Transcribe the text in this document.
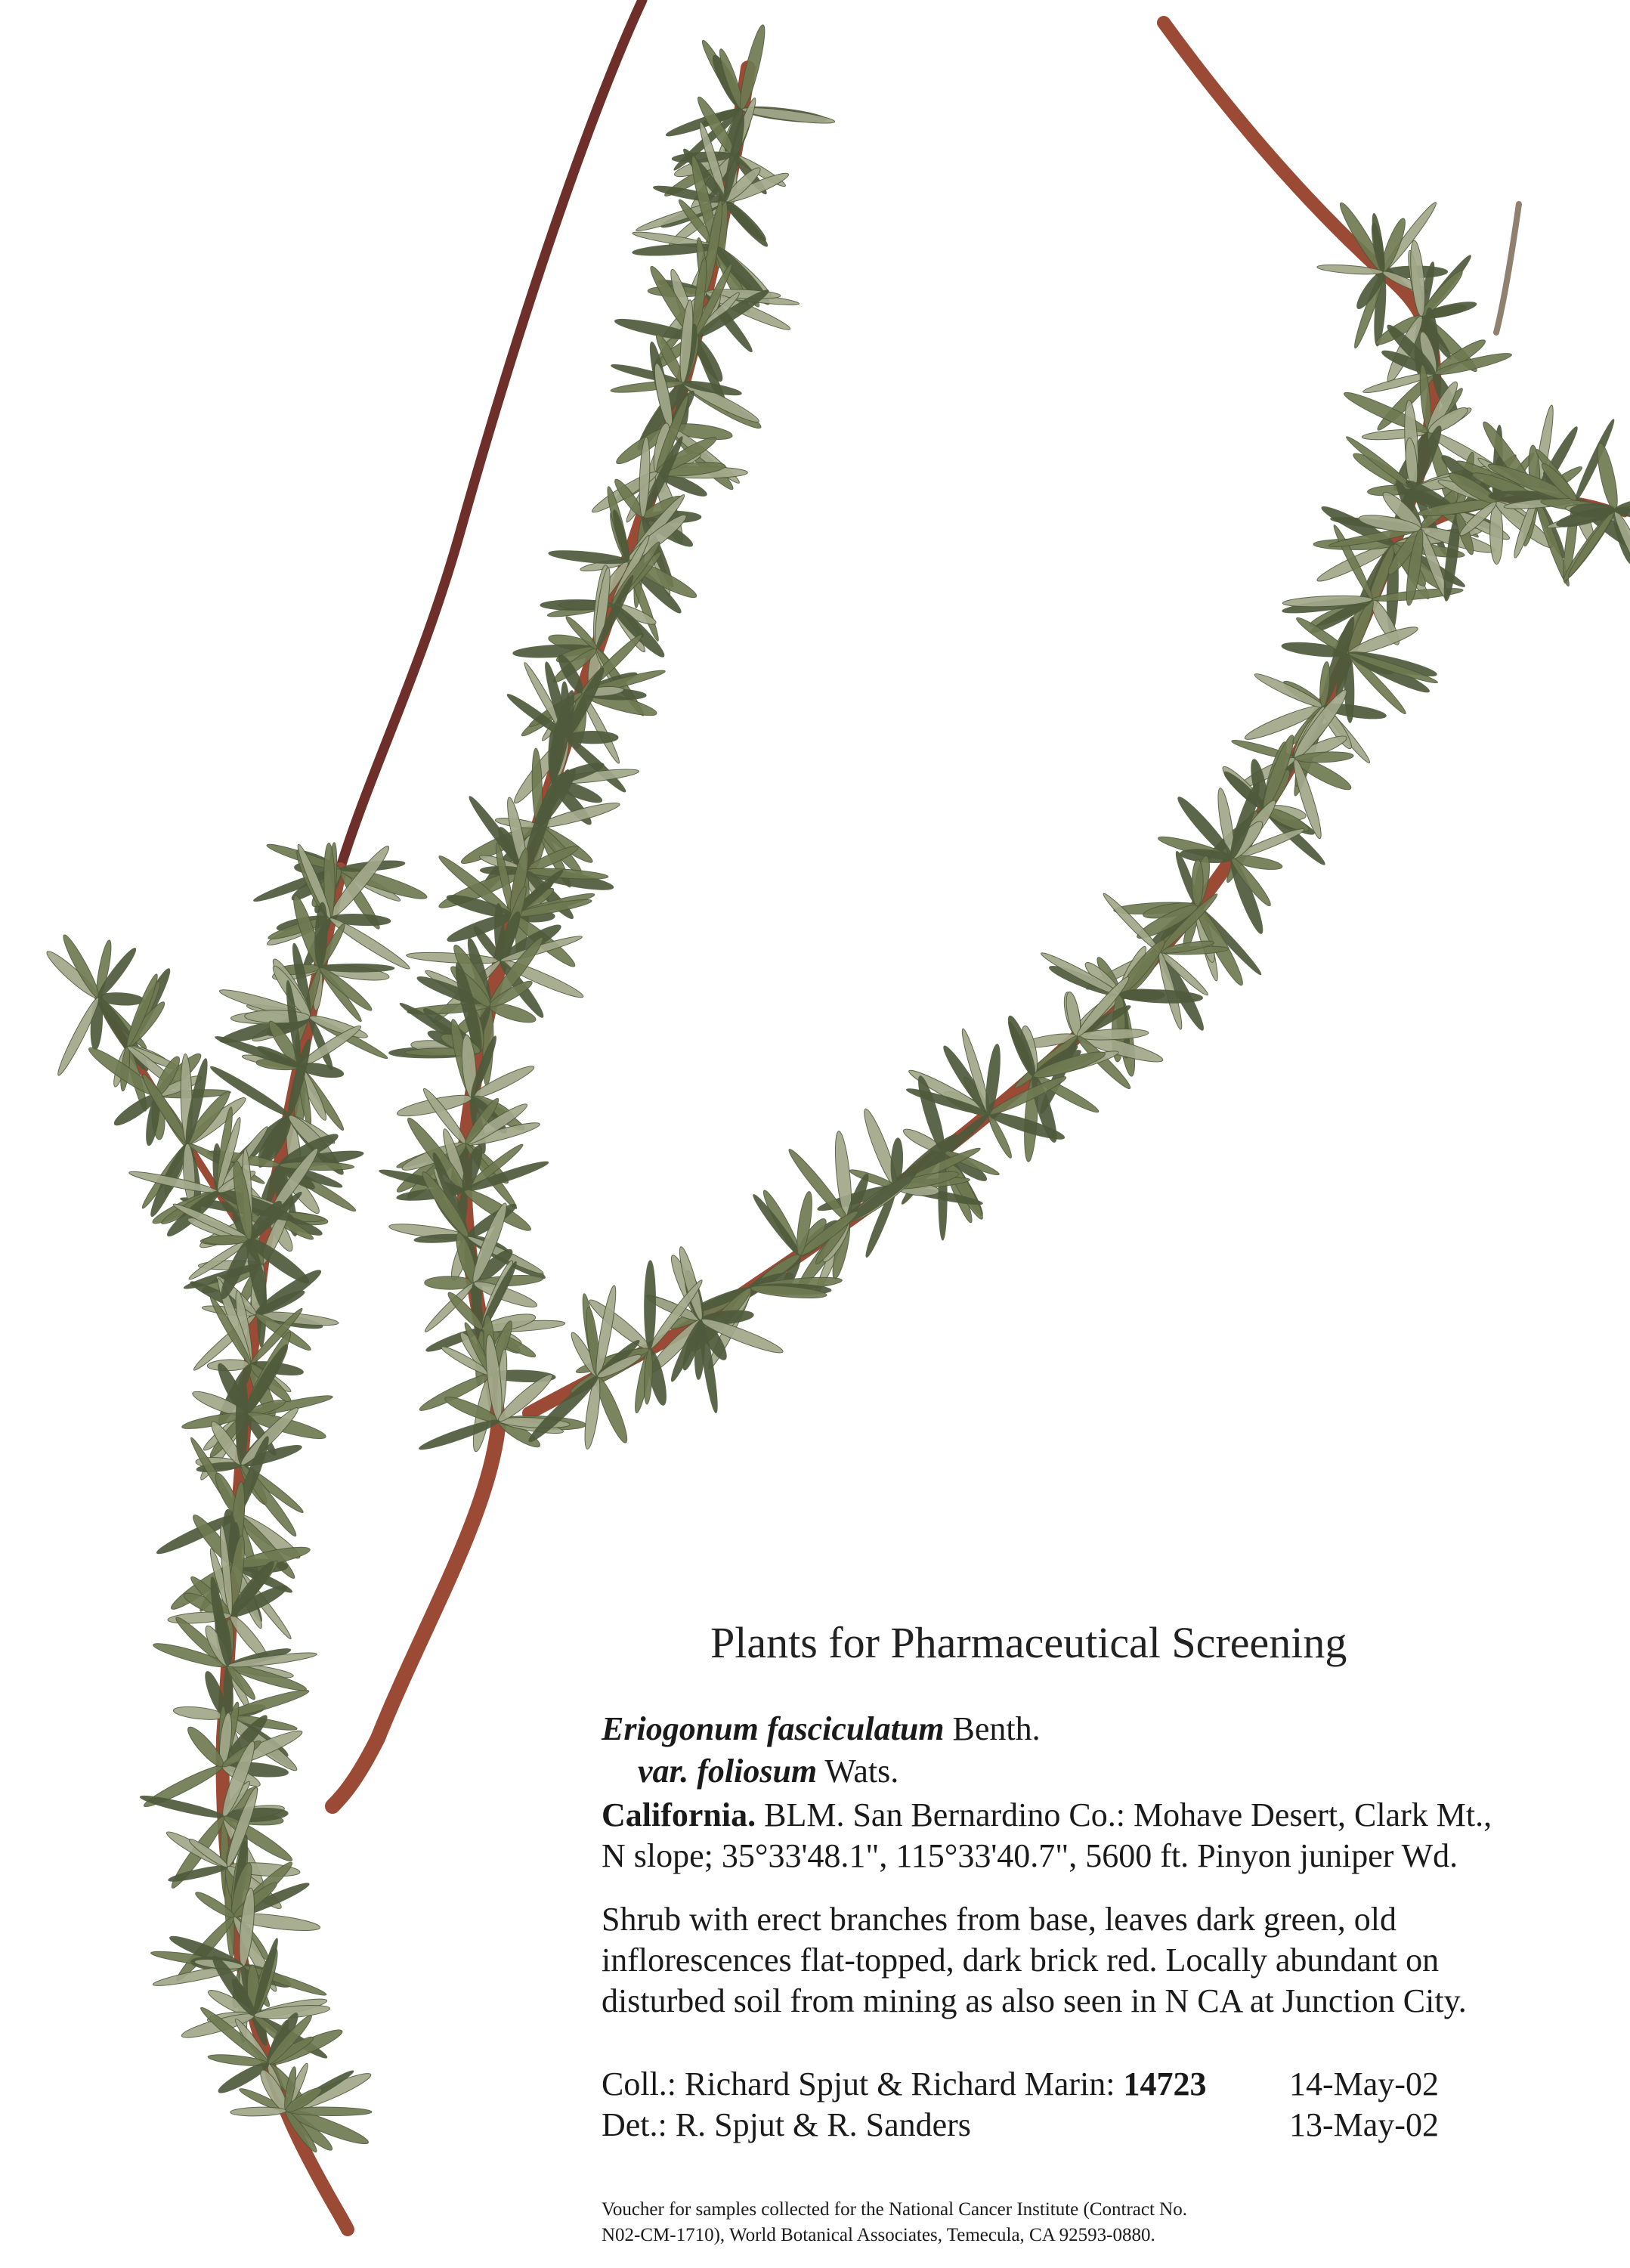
Plants for Pharmaceutical Screening
Eriogonum fasciculatum Benth.
var. foliosum Wats.
California. BLM. San Bernardino Co.: Mohave Desert, Clark Mt.,
N slope; 35°33'48.1", 115°33'40.7", 5600 ft. Pinyon juniper Wd.
Shrub with erect branches from base, leaves dark green, old
inflorescences flat-topped, dark brick red. Locally abundant on
disturbed soil from mining as also seen in N CA at Junction City.
Coll.: Richard Spjut & Richard Marin: 14723 14-May-02
Det.: R. Spjut & R. Sanders	13-May-02
Voucher for samples collected for the National Cancer Institute (Contract No.
N02-CM-1710), World Botanical Associates, Temecula, CA 92593-0880.
